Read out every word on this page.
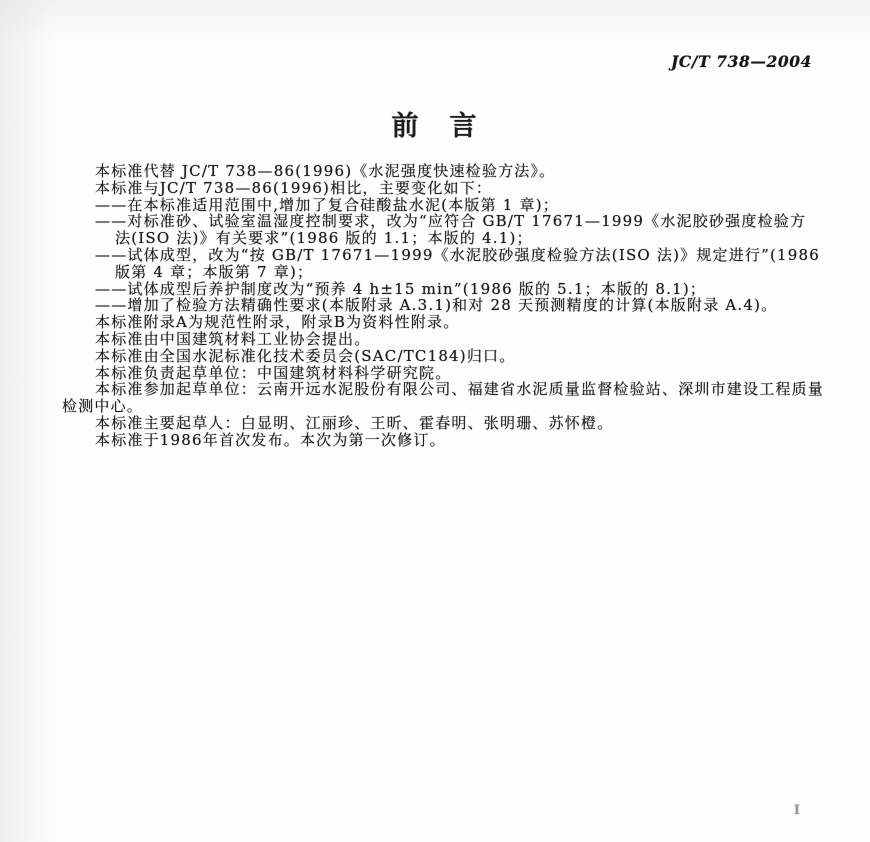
JC/T 738—2004
前　言

本标准代替 JC/T 738—86(1996)《水泥强度快速检验方法》。

本标准与JC/T 738—86(1996)相比，主要变化如下：

——在本标准适用范围中,增加了复合硅酸盐水泥(本版第 1 章)；

——对标准砂、试验室温湿度控制要求，改为“应符合 GB/T 17671—1999《水泥胶砂强度检验方

法(ISO 法)》有关要求”(1986 版的 1.1；本版的 4.1)；

——试体成型，改为“按 GB/T 17671—1999《水泥胶砂强度检验方法(ISO 法)》规定进行”(1986

版第 4 章；本版第 7 章)；

——试体成型后养护制度改为“预养 4 h±15 min”(1986 版的 5.1；本版的 8.1)；

——增加了检验方法精确性要求(本版附录 A.3.1)和对 28 天预测精度的计算(本版附录 A.4)。

本标准附录A为规范性附录，附录B为资料性附录。

本标准由中国建筑材料工业协会提出。

本标准由全国水泥标准化技术委员会(SAC/TC184)归口。

本标准负责起草单位：中国建筑材料科学研究院。

本标准参加起草单位：云南开远水泥股份有限公司、福建省水泥质量监督检验站、深圳市建设工程质量

检测中心。

本标准主要起草人：白显明、江丽珍、王昕、霍春明、张明珊、苏怀橙。

本标准于1986年首次发布。本次为第一次修订。

I
